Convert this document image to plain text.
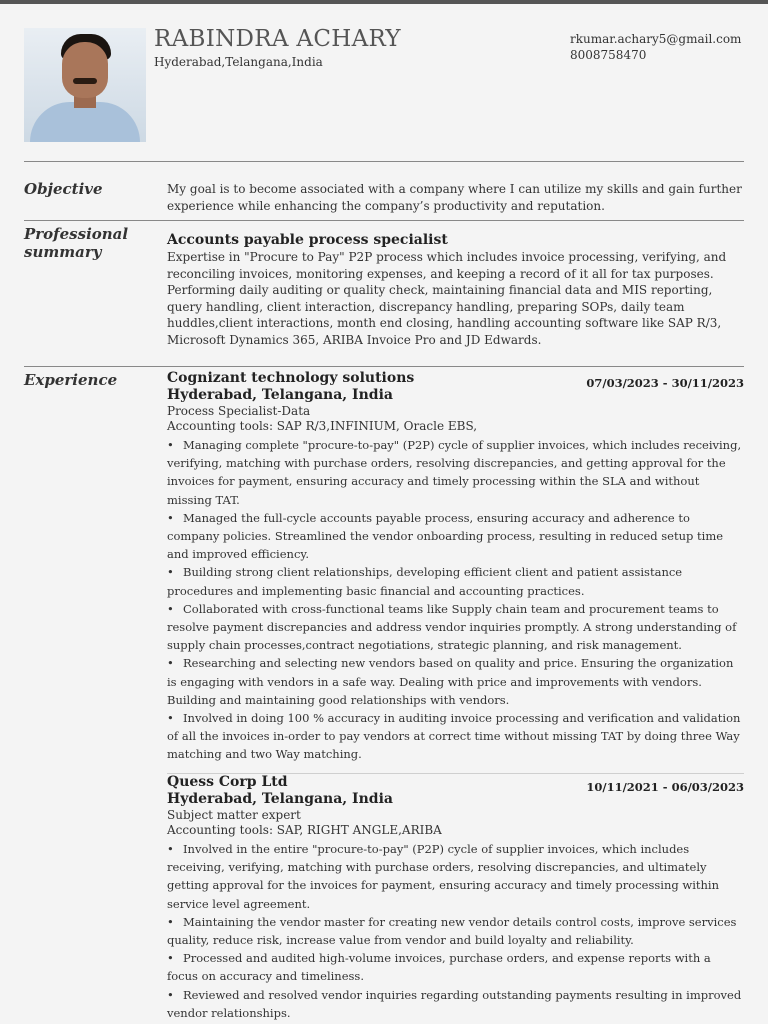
RABINDRA ACHARY
Hyderabad,Telangana,India
rkumar.achary5@gmail.com
8008758470
Objective	My goal is to become associated with a company where I can utilize my skills and gain further experience while enhancing the company’s productivity and reputation.
Professional
summary
Accounts payable process specialist
Expertise in "Procure to Pay" P2P process which includes invoice processing, verifying, and reconciling invoices, monitoring expenses, and keeping a record of it all for tax purposes. Performing daily auditing or quality check, maintaining financial data and MIS reporting, query handling, client interaction, discrepancy handling, preparing SOPs, daily team huddles,client interactions, month end closing, handling accounting software like SAP R/3, Microsoft Dynamics 365, ARIBA Invoice Pro and JD Edwards.
Experience	07/03/2023 - 30/11/2023
Cognizant technology solutions
Hyderabad, Telangana, India
Process Specialist-Data
Accounting tools: SAP R/3,INFINIUM, Oracle EBS,
• Managing complete "procure-to-pay" (P2P) cycle of supplier invoices, which includes receiving, verifying, matching with purchase orders, resolving discrepancies, and getting approval for the invoices for payment, ensuring accuracy and timely processing within the SLA and without missing TAT.
• Managed the full-cycle accounts payable process, ensuring accuracy and adherence to company policies. Streamlined the vendor onboarding process, resulting in reduced setup time and improved efficiency.
• Building strong client relationships, developing efficient client and patient assistance procedures and implementing basic financial and accounting practices.
• Collaborated with cross-functional teams like Supply chain team and procurement teams to resolve payment discrepancies and address vendor inquiries promptly. A strong understanding of supply chain processes,contract negotiations, strategic planning, and risk management.
• Researching and selecting new vendors based on quality and price. Ensuring the organization is engaging with vendors in a safe way. Dealing with price and improvements with vendors. Building and maintaining good relationships with vendors.
• Involved in doing 100 % accuracy in auditing invoice processing and verification and validation of all the invoices in-order to pay vendors at correct time without missing TAT by doing three Way matching and two Way matching.
10/11/2021 - 06/03/2023
Quess Corp Ltd
Hyderabad, Telangana, India
Subject matter expert
Accounting tools: SAP, RIGHT ANGLE,ARIBA
• Involved in the entire "procure-to-pay" (P2P) cycle of supplier invoices, which includes receiving, verifying, matching with purchase orders, resolving discrepancies, and ultimately getting approval for the invoices for payment, ensuring accuracy and timely processing within service level agreement.
• Maintaining the vendor master for creating new vendor details control costs, improve services quality, reduce risk, increase value from vendor and build loyalty and reliability.
• Processed and audited high-volume invoices, purchase orders, and expense reports with a focus on accuracy and timeliness.
• Reviewed and resolved vendor inquiries regarding outstanding payments resulting in improved vendor relationships.
